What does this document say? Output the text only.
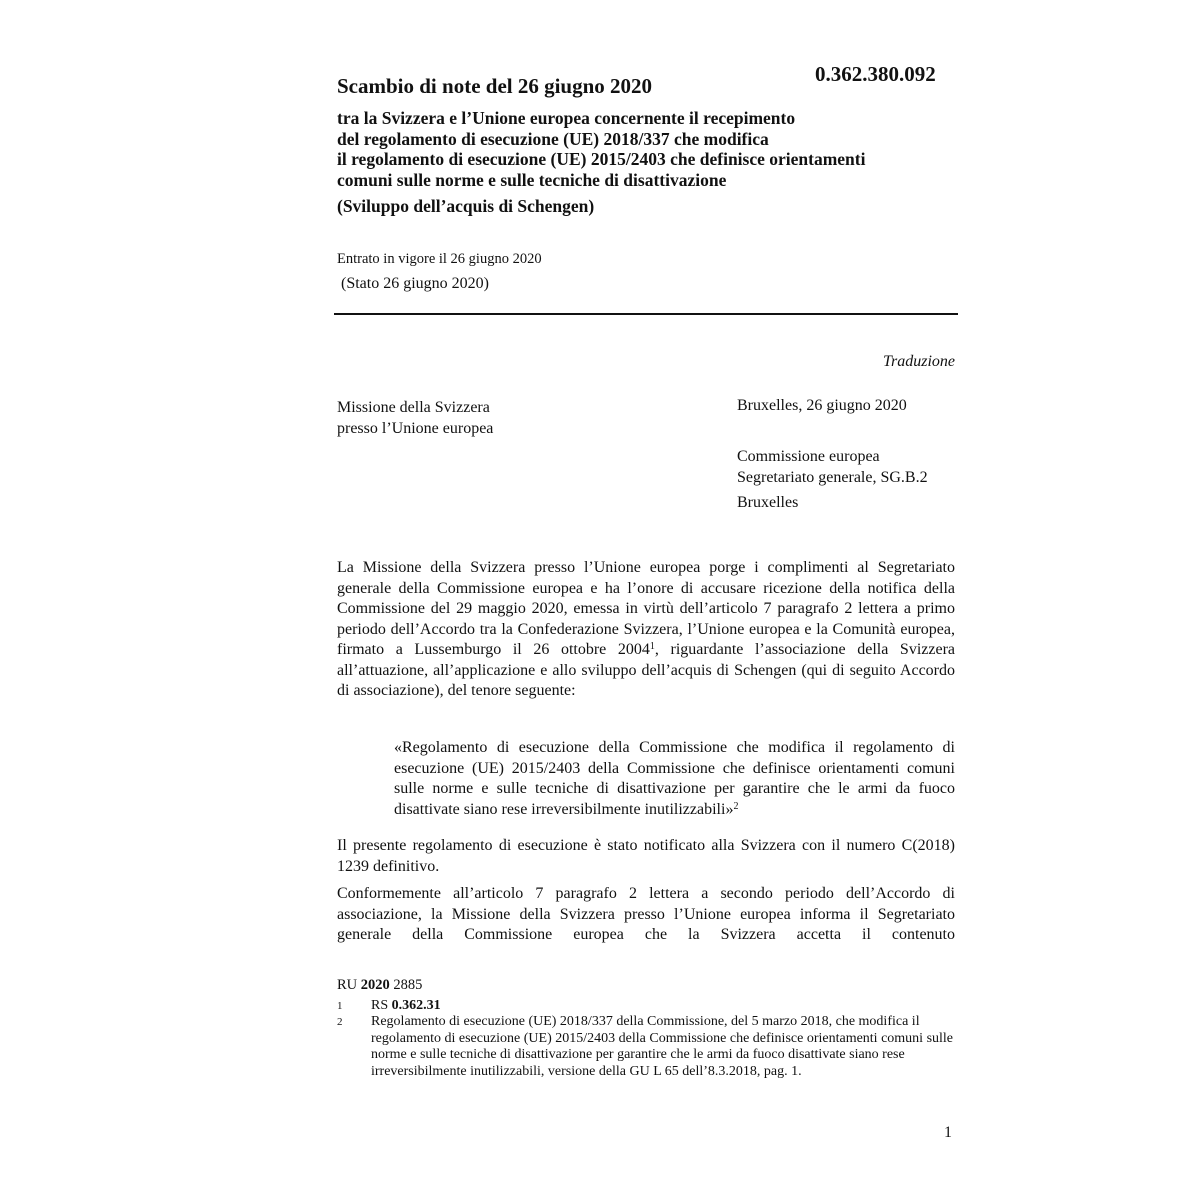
0.362.380.092
Scambio di note del 26 giugno 2020
tra la Svizzera e l’Unione europea concernente il recepimento
del regolamento di esecuzione (UE) 2018/337 che modifica
il regolamento di esecuzione (UE) 2015/2403 che definisce orientamenti
comuni sulle norme e sulle tecniche di disattivazione
(Sviluppo dell’acquis di Schengen)
Entrato in vigore il 26 giugno 2020
(Stato 26 giugno 2020)
Traduzione
Missione della Svizzera
presso l’Unione europea
Bruxelles, 26 giugno 2020
Commissione europea
Segretariato generale, SG.B.2
Bruxelles
La Missione della Svizzera presso l’Unione europea porge i complimenti al Segretariato generale della Commissione europea e ha l’onore di accusare ricezione della notifica della Commissione del 29 maggio 2020, emessa in virtù dell’articolo 7 paragrafo 2 lettera a primo periodo dell’Accordo tra la Confederazione Svizzera, l’Unione europea e la Comunità europea, firmato a Lussemburgo il 26 ottobre 2004$^1$, riguardante l’associazione della Svizzera all’attuazione, all’applicazione e allo sviluppo dell’acquis di Schengen (qui di seguito Accordo di associazione), del tenore seguente:
«Regolamento di esecuzione della Commissione che modifica il regolamento di esecuzione (UE) 2015/2403 della Commissione che definisce orientamenti comuni sulle norme e sulle tecniche di disattivazione per garantire che le armi da fuoco disattivate siano rese irreversibilmente inutilizzabili»$^2$
Il presente regolamento di esecuzione è stato notificato alla Svizzera con il numero C(2018) 1239 definitivo.
Conformemente all’articolo 7 paragrafo 2 lettera a secondo periodo dell’Accordo di associazione, la Missione della Svizzera presso l’Unione europea informa il Segretariato generale della Commissione europea che la Svizzera accetta il contenuto
RU 2020 2885
1 RS 0.362.31
2 Regolamento di esecuzione (UE) 2018/337 della Commissione, del 5 marzo 2018, che modifica il regolamento di esecuzione (UE) 2015/2403 della Commissione che definisce orientamenti comuni sulle norme e sulle tecniche di disattivazione per garantire che le armi da fuoco disattivate siano rese irreversibilmente inutilizzabili, versione della GU L 65 dell’8.3.2018, pag. 1.
1
